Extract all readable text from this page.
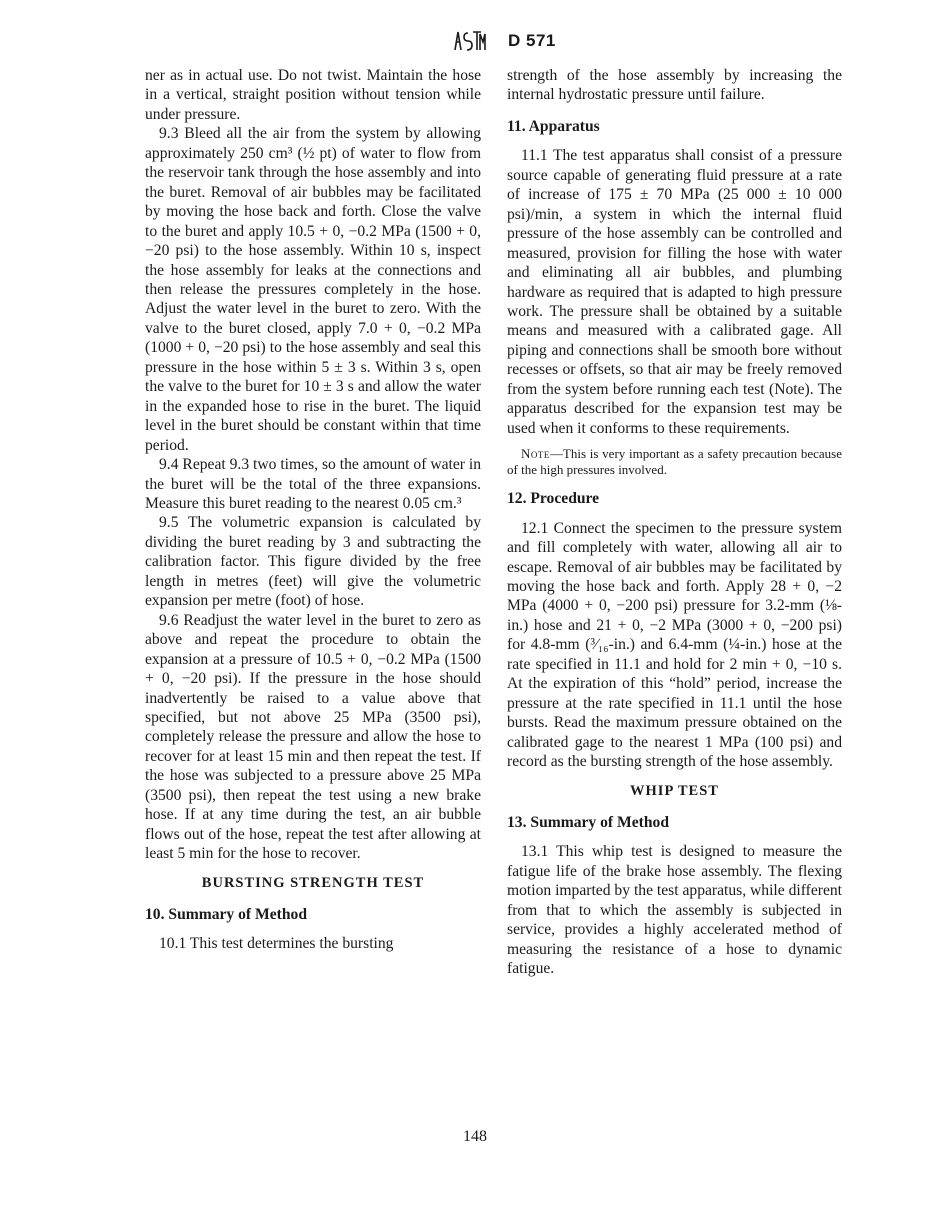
D 571

ner as in actual use. Do not twist. Maintain the hose in a vertical, straight position without tension while under pressure.

9.3 Bleed all the air from the system by allowing approximately 250 cm³ (½ pt) of water to flow from the reservoir tank through the hose assembly and into the buret. Removal of air bubbles may be facilitated by moving the hose back and forth. Close the valve to the buret and apply 10.5 + 0, −0.2 MPa (1500 + 0, −20 psi) to the hose assembly. Within 10 s, inspect the hose assembly for leaks at the connections and then release the pressures completely in the hose. Adjust the water level in the buret to zero. With the valve to the buret closed, apply 7.0 + 0, −0.2 MPa (1000 + 0, −20 psi) to the hose assembly and seal this pressure in the hose within 5 ± 3 s. Within 3 s, open the valve to the buret for 10 ± 3 s and allow the water in the expanded hose to rise in the buret. The liquid level in the buret should be constant within that time period.

9.4 Repeat 9.3 two times, so the amount of water in the buret will be the total of the three expansions. Measure this buret reading to the nearest 0.05 cm.³

9.5 The volumetric expansion is calculated by dividing the buret reading by 3 and subtracting the calibration factor. This figure divided by the free length in metres (feet) will give the volumetric expansion per metre (foot) of hose.

9.6 Readjust the water level in the buret to zero as above and repeat the procedure to obtain the expansion at a pressure of 10.5 + 0, −0.2 MPa (1500 + 0, −20 psi). If the pressure in the hose should inadvertently be raised to a value above that specified, but not above 25 MPa (3500 psi), completely release the pressure and allow the hose to recover for at least 15 min and then repeat the test. If the hose was subjected to a pressure above 25 MPa (3500 psi), then repeat the test using a new brake hose. If at any time during the test, an air bubble flows out of the hose, repeat the test after allowing at least 5 min for the hose to recover.

BURSTING STRENGTH TEST
10. Summary of Method

10.1 This test determines the bursting

strength of the hose assembly by increasing the internal hydrostatic pressure until failure.

11. Apparatus

11.1 The test apparatus shall consist of a pressure source capable of generating fluid pressure at a rate of increase of 175 ± 70 MPa (25 000 ± 10 000 psi)/min, a system in which the internal fluid pressure of the hose assembly can be controlled and measured, provision for filling the hose with water and eliminating all air bubbles, and plumbing hardware as required that is adapted to high pressure work. The pressure shall be obtained by a suitable means and measured with a calibrated gage. All piping and connections shall be smooth bore without recesses or offsets, so that air may be freely removed from the system before running each test (Note). The apparatus described for the expansion test may be used when it conforms to these requirements.

Note—This is very important as a safety precaution because of the high pressures involved.

12. Procedure

12.1 Connect the specimen to the pressure system and fill completely with water, allowing all air to escape. Removal of air bubbles may be facilitated by moving the hose back and forth. Apply 28 + 0, −2 MPa (4000 + 0, −200 psi) pressure for 3.2-mm (⅛-in.) hose and 21 + 0, −2 MPa (3000 + 0, −200 psi) for 4.8-mm (³⁄₁₆-in.) and 6.4-mm (¼-in.) hose at the rate specified in 11.1 and hold for 2 min + 0, −10 s. At the expiration of this “hold” period, increase the pressure at the rate specified in 11.1 until the hose bursts. Read the maximum pressure obtained on the calibrated gage to the nearest 1 MPa (100 psi) and record as the bursting strength of the hose assembly.

WHIP TEST
13. Summary of Method

13.1 This whip test is designed to measure the fatigue life of the brake hose assembly. The flexing motion imparted by the test apparatus, while different from that to which the assembly is subjected in service, provides a highly accelerated method of measuring the resistance of a hose to dynamic fatigue.

148
